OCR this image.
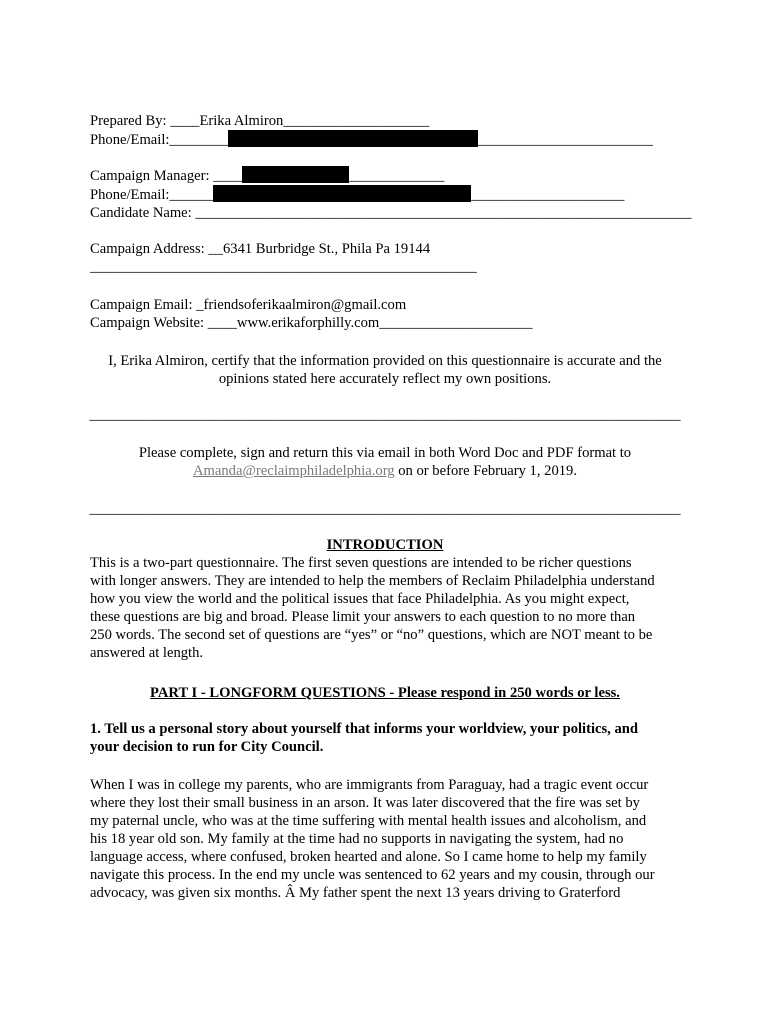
Prepared By: ____Erika Almiron____________________
Phone/Email:________	________________________
Campaign Manager: ____	_____________
Phone/Email:______	_____________________
Candidate Name: ____________________________________________________________________
Campaign Address: __6341 Burbridge St., Phila Pa 19144
_____________________________________________________
Campaign Email: _friendsoferikaalmiron@gmail.com
Campaign Website: ____www.erikaforphilly.com_____________________
I, Erika Almiron, certify that the information provided on this questionnaire is accurate and the
opinions stated here accurately reflect my own positions.
_________________________________________________________________________________
Please complete, sign and return this via email in both Word Doc and PDF format to
Amanda@reclaimphiladelphia.org on or before February 1, 2019.
_________________________________________________________________________________
INTRODUCTION
This is a two-part questionnaire. The first seven questions are intended to be richer questions
with longer answers. They are intended to help the members of Reclaim Philadelphia understand
how you view the world and the political issues that face Philadelphia. As you might expect,
these questions are big and broad. Please limit your answers to each question to no more than
250 words. The second set of questions are “yes” or “no” questions, which are NOT meant to be
answered at length.
PART I - LONGFORM QUESTIONS - Please respond in 250 words or less.
1. Tell us a personal story about yourself that informs your worldview, your politics, and
your decision to run for City Council.
When I was in college my parents, who are immigrants from Paraguay, had a tragic event occur
where they lost their small business in an arson. It was later discovered that the fire was set by
my paternal uncle, who was at the time suffering with mental health issues and alcoholism, and
his 18 year old son. My family at the time had no supports in navigating the system, had no
language access, where confused, broken hearted and alone. So I came home to help my family
navigate this process. In the end my uncle was sentenced to 62 years and my cousin, through our
advocacy, was given six months. Â My father spent the next 13 years driving to Graterford
